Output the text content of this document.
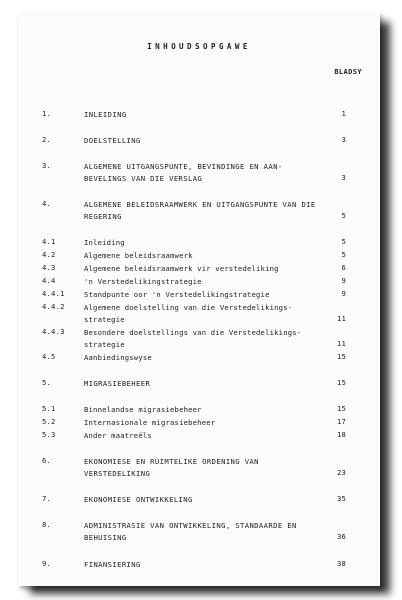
INHOUDSOPGAWE
BLADSY
1.	INLEIDING	1
2.	DOELSTELLING	3
3.	ALGEMENE UITGANGSPUNTE, BEVINDINGE EN AAN-BEVELINGS VAN DIE VERSLAG	3
4.	ALGEMENE BELEIDSRAAMWERK EN UITGANGSPUNTE VAN DIE REGERING	5
4.1	Inleiding	5
4.2	Algemene beleidsraamwerk	5
4.3	Algemene beleidsraamwerk vir verstedeliking	6
4.4	'n Verstedelikingstrategie	9
4.4.1	Standpunte oor 'n Verstedelikingstrategie	9
4.4.2	Algemene doelstelling van die Verstedelikings-strategie	11
4.4.3	Besondere doelstellings van die Verstedelikings-strategie	11
4.5	Aanbiedingswyse	15
5.	MIGRASIEBEHEER	15
5.1	Binnelandse migrasiebeheer	15
5.2	Internasionale migrasiebeheer	17
5.3	Ander maatreëls	18
6.	EKONOMIESE EN RUIMTELIKE ORDENING VAN VERSTEDELIKING	23
7.	EKONOMIESE ONTWIKKELING	35
8.	ADMINISTRASIE VAN ONTWIKKELING, STANDAARDE EN BEHUISING	36
9.	FINANSIERING	38
